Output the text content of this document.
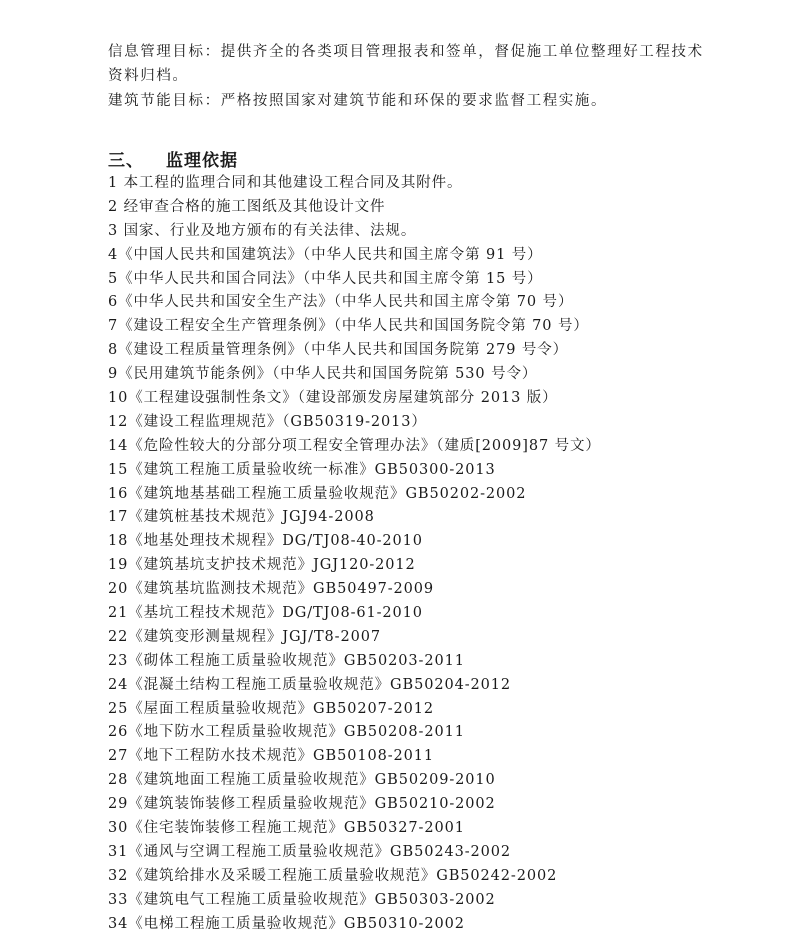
信息管理目标：提供齐全的各类项目管理报表和签单，督促施工单位整理好工程技术
资料归档。
建筑节能目标：严格按照国家对建筑节能和环保的要求监督工程实施。
三、 监理依据
1 本工程的监理合同和其他建设工程合同及其附件。
2 经审查合格的施工图纸及其他设计文件
3 国家、行业及地方颁布的有关法律、法规。
4《中国人民共和国建筑法》（中华人民共和国主席令第 91 号）
5《中华人民共和国合同法》（中华人民共和国主席令第 15 号）
6《中华人民共和国安全生产法》（中华人民共和国主席令第 70 号）
7《建设工程安全生产管理条例》（中华人民共和国国务院令第 70 号）
8《建设工程质量管理条例》（中华人民共和国国务院第 279 号令）
9《民用建筑节能条例》（中华人民共和国国务院第 530 号令）
10《工程建设强制性条文》（建设部颁发房屋建筑部分 2013 版）
12《建设工程监理规范》（GB50319-2013）
14《危险性较大的分部分项工程安全管理办法》（建质[2009]87 号文）
15《建筑工程施工质量验收统一标准》GB50300-2013
16《建筑地基基础工程施工质量验收规范》GB50202-2002
17《建筑桩基技术规范》JGJ94-2008
18《地基处理技术规程》DG/TJ08-40-2010
19《建筑基坑支护技术规范》JGJ120-2012
20《建筑基坑监测技术规范》GB50497-2009
21《基坑工程技术规范》DG/TJ08-61-2010
22《建筑变形测量规程》JGJ/T8-2007
23《砌体工程施工质量验收规范》GB50203-2011
24《混凝土结构工程施工质量验收规范》GB50204-2012
25《屋面工程质量验收规范》GB50207-2012
26《地下防水工程质量验收规范》GB50208-2011
27《地下工程防水技术规范》GB50108-2011
28《建筑地面工程施工质量验收规范》GB50209-2010
29《建筑装饰装修工程质量验收规范》GB50210-2002
30《住宅装饰装修工程施工规范》GB50327-2001
31《通风与空调工程施工质量验收规范》GB50243-2002
32《建筑给排水及采暖工程施工质量验收规范》GB50242-2002
33《建筑电气工程施工质量验收规范》GB50303-2002
34《电梯工程施工质量验收规范》GB50310-2002
